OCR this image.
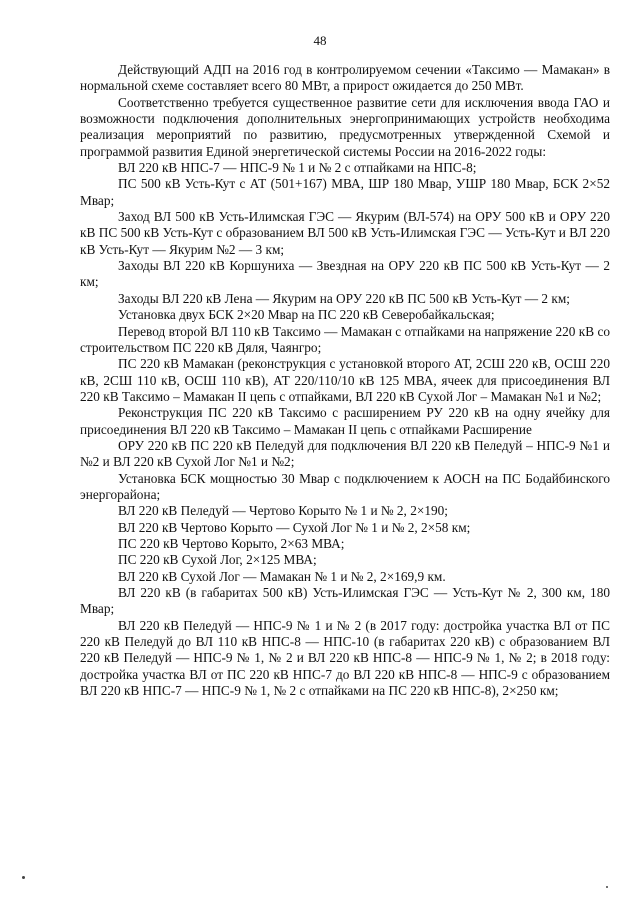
48

Действующий АДП на 2016 год в контролируемом сечении «Таксимо — Мамакан» в нормальной схеме составляет всего 80 МВт, а прирост ожидается до 250 МВт.

Соответственно требуется существенное развитие сети для исключения ввода ГАО и возможности подключения дополнительных энергопринимающих устройств необходима реализация мероприятий по развитию, предусмотренных утвержденной Схемой и программой развития Единой энергетической системы России на 2016-2022 годы:

ВЛ 220 кВ НПС-7 — НПС-9 № 1 и № 2 с отпайками на НПС-8;

ПС 500 кВ Усть-Кут с АТ (501+167) МВА, ШР 180 Мвар, УШР 180 Мвар, БСК 2×52 Мвар;

Заход ВЛ 500 кВ Усть-Илимская ГЭС — Якурим (ВЛ-574) на ОРУ 500 кВ и ОРУ 220 кВ ПС 500 кВ Усть-Кут с образованием ВЛ 500 кВ Усть-Илимская ГЭС — Усть-Кут и ВЛ 220 кВ Усть-Кут — Якурим №2 — 3 км;

Заходы ВЛ 220 кВ Коршуниха — Звездная на ОРУ 220 кВ ПС 500 кВ Усть-Кут — 2 км;

Заходы ВЛ 220 кВ Лена — Якурим на ОРУ 220 кВ ПС 500 кВ Усть-Кут — 2 км;

Установка двух БСК 2×20 Мвар на ПС 220 кВ Северобайкальская;

Перевод второй ВЛ 110 кВ Таксимо — Мамакан с отпайками на напряжение 220 кВ со строительством ПС 220 кВ Дяля, Чаянгро;

ПС 220 кВ Мамакан (реконструкция с установкой второго АТ, 2СШ 220 кВ, ОСШ 220 кВ, 2СШ 110 кВ, ОСШ 110 кВ), АТ 220/110/10 кВ 125 МВА, ячеек для присоединения ВЛ 220 кВ Таксимо – Мамакан II цепь с отпайками, ВЛ 220 кВ Сухой Лог – Мамакан №1 и №2;

Реконструкция ПС 220 кВ Таксимо с расширением РУ 220 кВ на одну ячейку для присоединения ВЛ 220 кВ Таксимо – Мамакан II цепь с отпайками Расширение

ОРУ 220 кВ ПС 220 кВ Пеледуй для подключения ВЛ 220 кВ Пеледуй – НПС-9 №1 и №2 и ВЛ 220 кВ Сухой Лог №1 и №2;

Установка БСК мощностью 30 Мвар с подключением к АОСН на ПС Бодайбинского энергорайона;

ВЛ 220 кВ Пеледуй — Чертово Корыто № 1 и № 2, 2×190;

ВЛ 220 кВ Чертово Корыто — Сухой Лог № 1 и № 2, 2×58 км;

ПС 220 кВ Чертово Корыто, 2×63 МВА;

ПС 220 кВ Сухой Лог, 2×125 МВА;

ВЛ 220 кВ Сухой Лог — Мамакан № 1 и № 2, 2×169,9 км.

ВЛ 220 кВ (в габаритах 500 кВ) Усть-Илимская ГЭС — Усть-Кут № 2, 300 км, 180 Мвар;

ВЛ 220 кВ Пеледуй — НПС-9 № 1 и № 2 (в 2017 году: достройка участка ВЛ от ПС 220 кВ Пеледуй до ВЛ 110 кВ НПС-8 — НПС-10 (в габаритах 220 кВ) с образованием ВЛ 220 кВ Пеледуй — НПС-9 № 1, № 2 и ВЛ 220 кВ НПС-8 — НПС-9 № 1, № 2; в 2018 году: достройка участка ВЛ от ПС 220 кВ НПС-7 до ВЛ 220 кВ НПС-8 — НПС-9 с образованием ВЛ 220 кВ НПС-7 — НПС-9 № 1, № 2 с отпайками на ПС 220 кВ НПС-8), 2×250 км;
